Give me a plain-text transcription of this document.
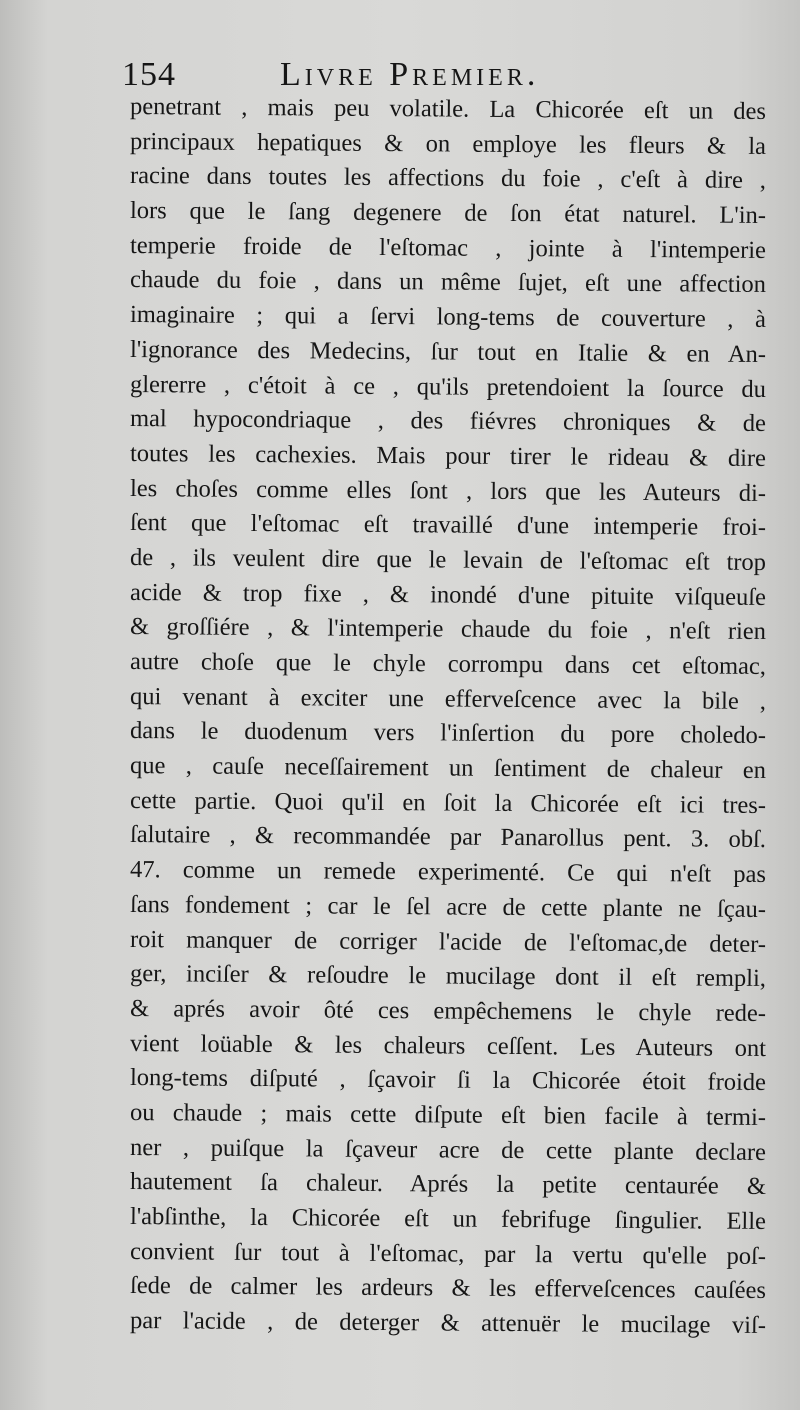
154	Livre Premier.
penetrant , mais peu volatile. La Chicorée eſt un des
principaux hepatiques & on employe les fleurs & la
racine dans toutes les affections du foie , c'eſt à dire ,
lors que le ſang degenere de ſon état naturel. L'in-
temperie froide de l'eſtomac , jointe à l'intemperie
chaude du foie , dans un même ſujet, eſt une affection
imaginaire ; qui a ſervi long-tems de couverture , à
l'ignorance des Medecins, ſur tout en Italie & en An-
glererre , c'étoit à ce , qu'ils pretendoient la ſource du
mal hypocondriaque , des fiévres chroniques & de
toutes les cachexies. Mais pour tirer le rideau & dire
les choſes comme elles ſont , lors que les Auteurs di-
ſent que l'eſtomac eſt travaillé d'une intemperie froi-
de , ils veulent dire que le levain de l'eſtomac eſt trop
acide & trop fixe , & inondé d'une pituite viſqueuſe
& groſſiére , & l'intemperie chaude du foie , n'eſt rien
autre choſe que le chyle corrompu dans cet eſtomac,
qui venant à exciter une efferveſcence avec la bile ,
dans le duodenum vers l'inſertion du pore choledo-
que , cauſe neceſſairement un ſentiment de chaleur en
cette partie. Quoi qu'il en ſoit la Chicorée eſt ici tres-
ſalutaire , & recommandée par Panarollus pent. 3. obſ.
47. comme un remede experimenté. Ce qui n'eſt pas
ſans fondement ; car le ſel acre de cette plante ne ſçau-
roit manquer de corriger l'acide de l'eſtomac,de deter-
ger, inciſer & reſoudre le mucilage dont il eſt rempli,
& aprés avoir ôté ces empêchemens le chyle rede-
vient loüable & les chaleurs ceſſent. Les Auteurs ont
long-tems diſputé , ſçavoir ſi la Chicorée étoit froide
ou chaude ; mais cette diſpute eſt bien facile à termi-
ner , puiſque la ſçaveur acre de cette plante declare
hautement ſa chaleur. Aprés la petite centaurée &
l'abſinthe, la Chicorée eſt un febrifuge ſingulier. Elle
convient ſur tout à l'eſtomac, par la vertu qu'elle poſ-
ſede de calmer les ardeurs & les efferveſcences cauſées
par l'acide , de deterger & attenuër le mucilage viſ-
